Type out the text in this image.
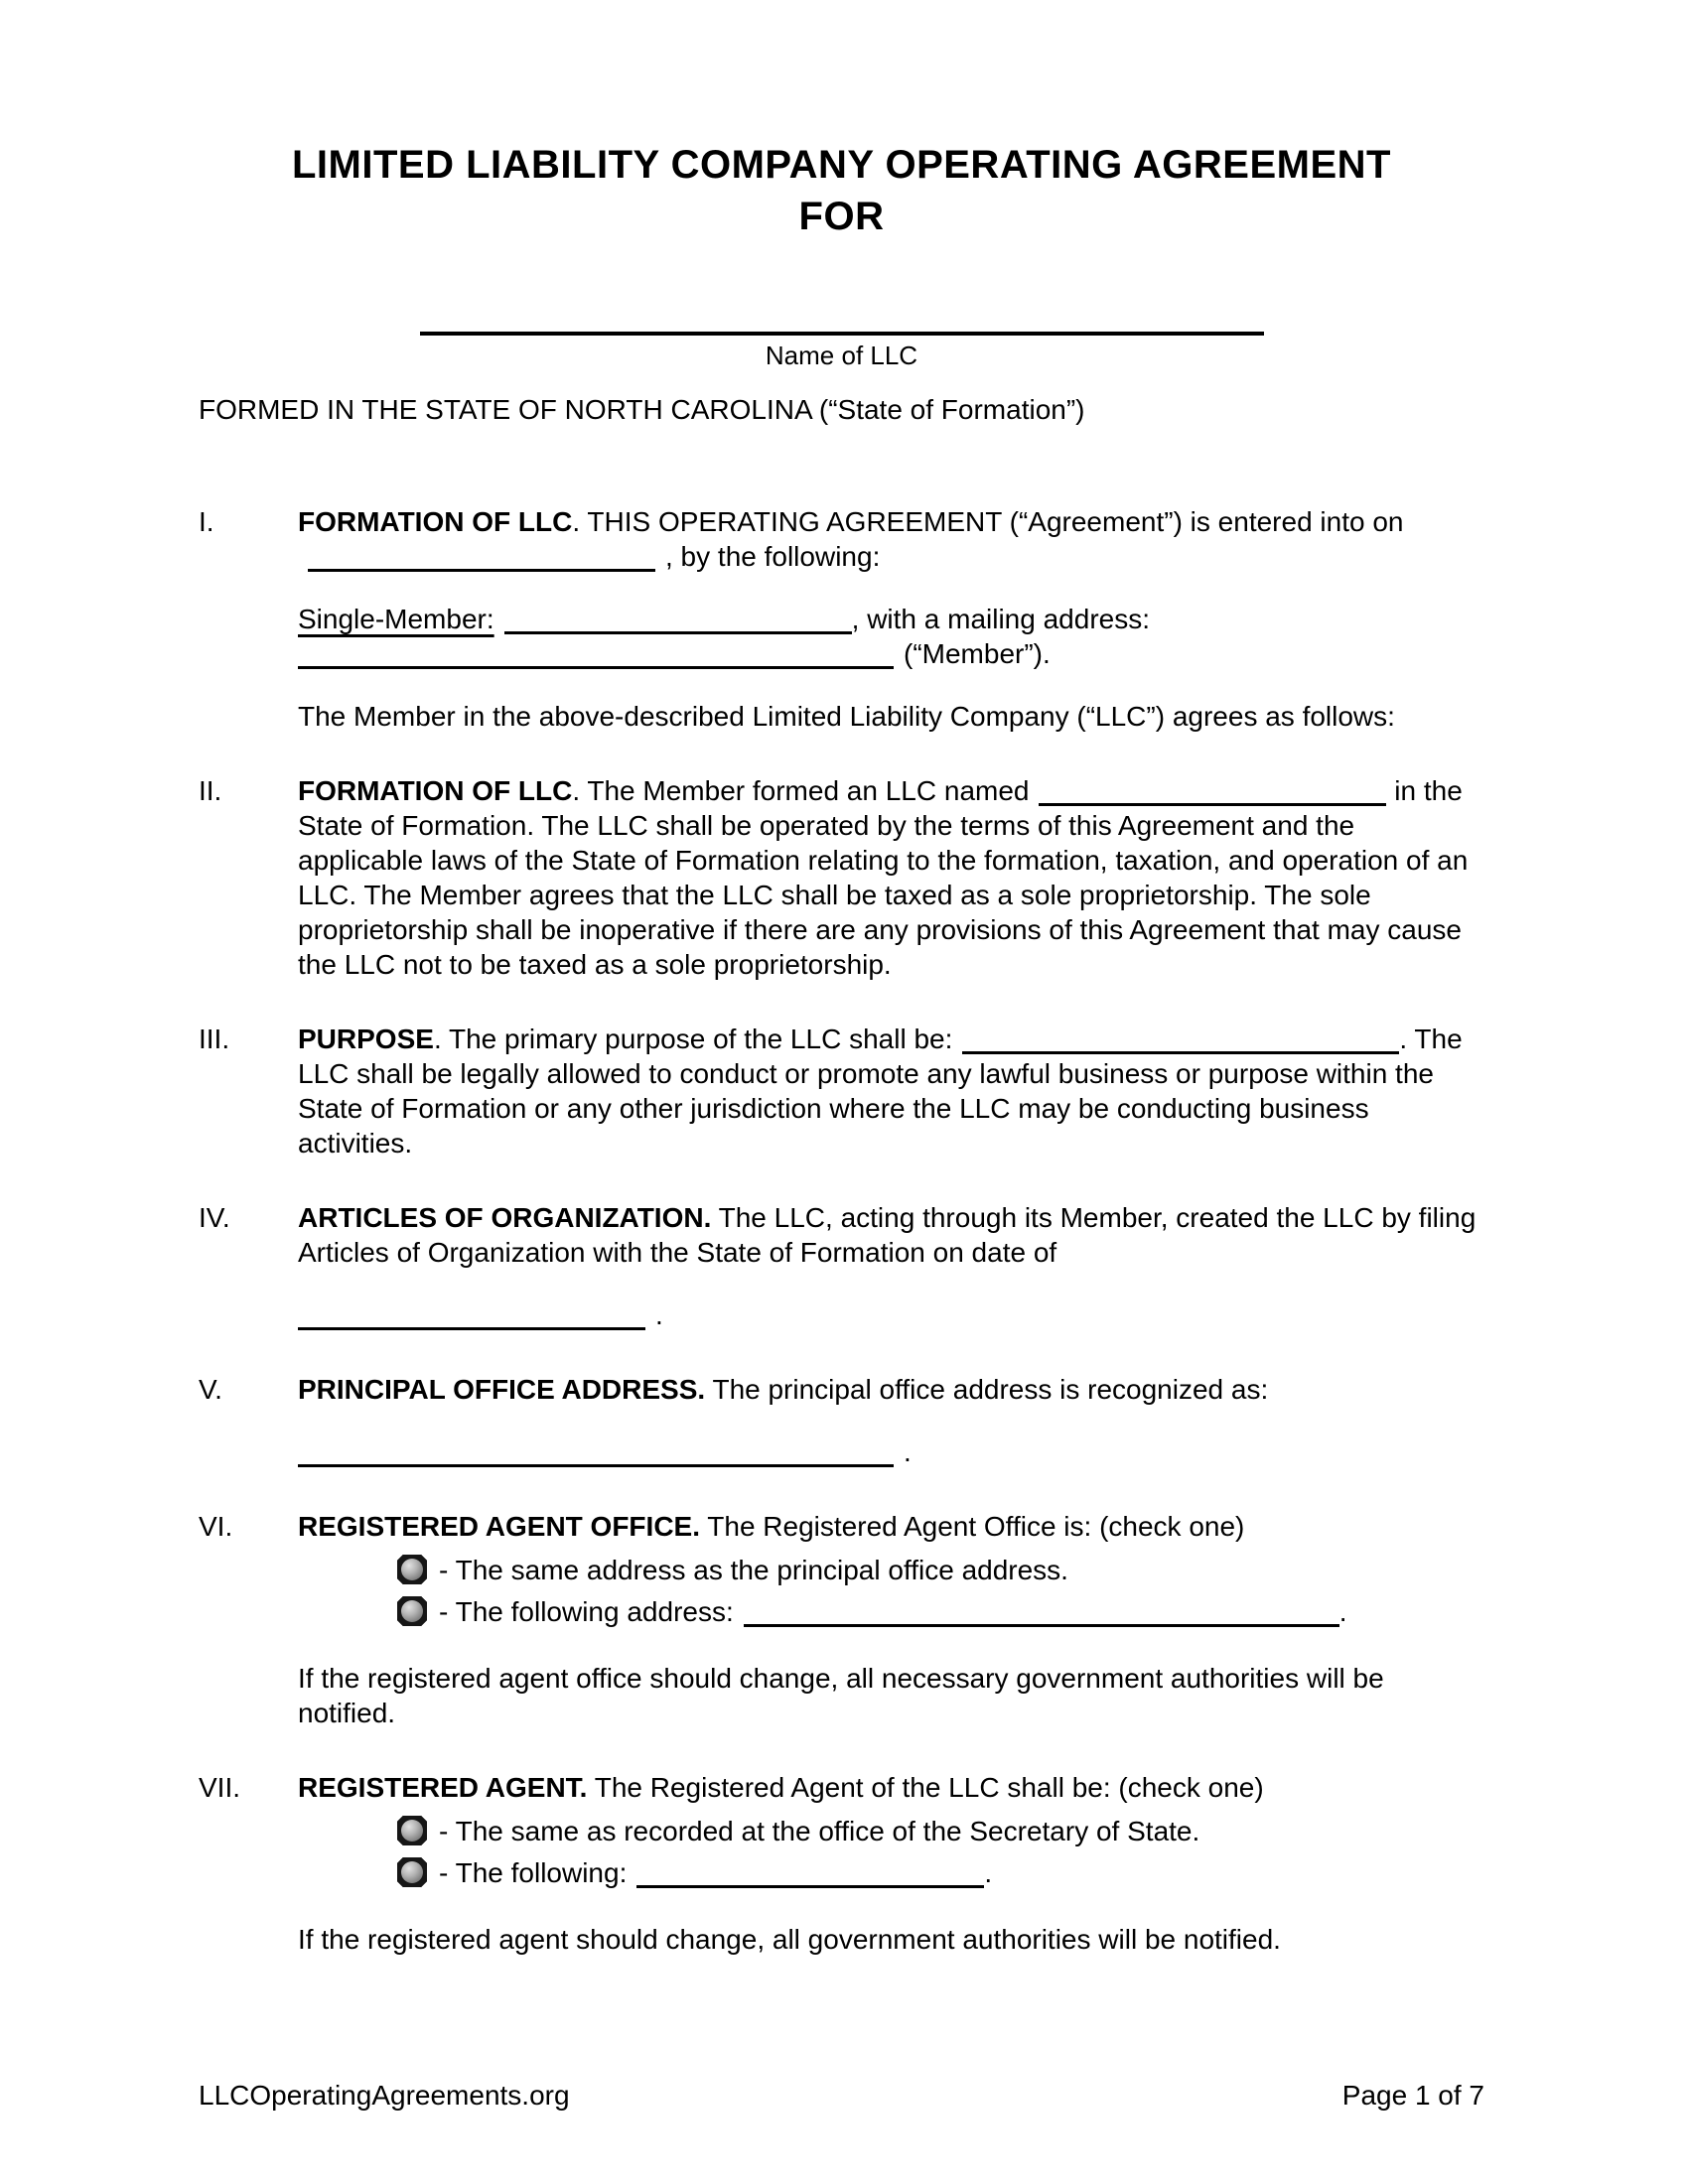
LIMITED LIABILITY COMPANY OPERATING AGREEMENT
FOR
Name of LLC

FORMED IN THE STATE OF NORTH CAROLINA (“State of Formation”)

I.	FORMATION OF LLC. THIS OPERATING AGREEMENT (“Agreement”) is entered into on, by the following:

Single-Member:	, with a mailing address:
(“Member”).

The Member in the above-described Limited Liability Company (“LLC”) agrees as follows:

II.	FORMATION OF LLC. The Member formed an LLC named	in the State of Formation. The LLC shall be operated by the terms of this Agreement and the applicable laws of the State of Formation relating to the formation, taxation, and operation of an LLC. The Member agrees that the LLC shall be taxed as a sole proprietorship. The sole proprietorship shall be inoperative if there are any provisions of this Agreement that may cause the LLC not to be taxed as a sole proprietorship.

III.	PURPOSE. The primary purpose of the LLC shall be:	. The LLC shall be legally allowed to conduct or promote any lawful business or purpose within the State of Formation or any other jurisdiction where the LLC may be conducting business activities.

IV.	ARTICLES OF ORGANIZATION. The LLC, acting through its Member, created the LLC by filing Articles of Organization with the State of Formation on date of

.

V.	PRINCIPAL OFFICE ADDRESS. The principal office address is recognized as:

.

VI.	REGISTERED AGENT OFFICE. The Registered Agent Office is: (check one)

- The same address as the principal office address.
- The following address:	.

If the registered agent office should change, all necessary government authorities will be notified.

VII.	REGISTERED AGENT. The Registered Agent of the LLC shall be: (check one)

- The same as recorded at the office of the Secretary of State.
- The following:	.

If the registered agent should change, all government authorities will be notified.

LLCOperatingAgreements.org	Page 1 of 7
